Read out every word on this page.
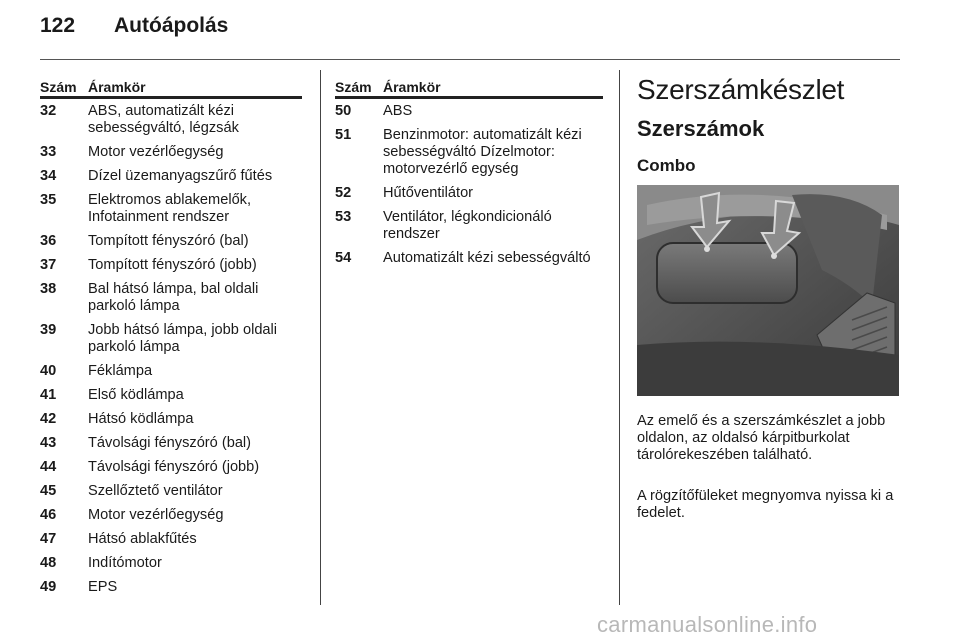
122 Autóápolás
Szám Áramkör
32	ABS, automatizált kézi sebességváltó, légzsák
33	Motor vezérlőegység
34	Dízel üzemanyagszűrő fűtés
35	Elektromos ablakemelők, Infotainment rendszer
36	Tompított fényszóró (bal)
37	Tompított fényszóró (jobb)
38	Bal hátsó lámpa, bal oldali parkoló lámpa
39	Jobb hátsó lámpa, jobb oldali parkoló lámpa
40	Féklámpa
41	Első ködlámpa
42	Hátsó ködlámpa
43	Távolsági fényszóró (bal)
44	Távolsági fényszóró (jobb)
45	Szellőztető ventilátor
46	Motor vezérlőegység
47	Hátsó ablakfűtés
48	Indítómotor
49	EPS
Szám Áramkör
50	ABS
51	Benzinmotor: automatizált kézi sebességváltó Dízelmotor: motorvezérlő egység
52	Hűtőventilátor
53	Ventilátor, légkondicionáló rendszer
54	Automatizált kézi sebességváltó
Szerszámkészlet
Szerszámok
Combo

Az emelő és a szerszámkészlet a jobb oldalon, az oldalsó kárpitburkolat tárolórekeszében található.

A rögzítőfüleket megnyomva nyissa ki a fedelet.

carmanualsonline.info
